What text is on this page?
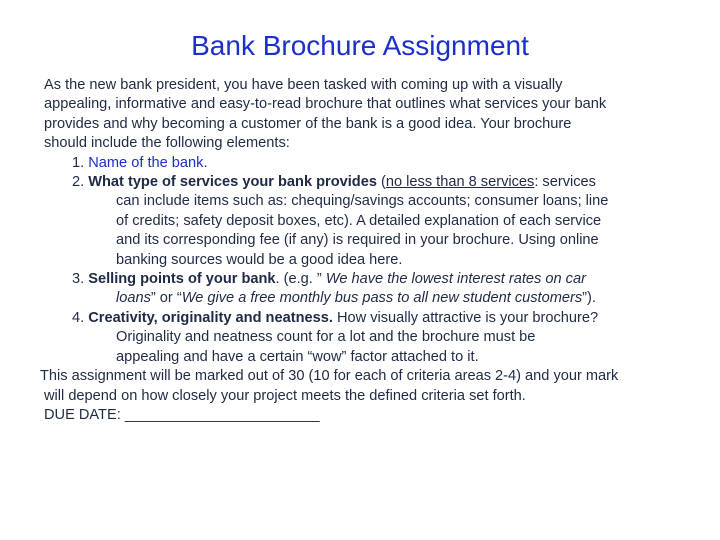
Bank Brochure Assignment

As the new bank president, you have been tasked with coming up with a visually

appealing, informative and easy-to-read brochure that outlines what services your bank

provides and why becoming a customer of the bank is a good idea. Your brochure

should include the following elements:

1. Name of the bank.

2. What type of services your bank provides (no less than 8 services: services

can include items such as: chequing/savings accounts; consumer loans; line

of credits; safety deposit boxes, etc). A detailed explanation of each service

and its corresponding fee (if any) is required in your brochure. Using online

banking sources would be a good idea here.

3. Selling points of your bank. (e.g. ” We have the lowest interest rates on car

loans” or “We give a free monthly bus pass to all new student customers”).

4. Creativity, originality and neatness. How visually attractive is your brochure?

Originality and neatness count for a lot and the brochure must be

appealing and have a certain “wow” factor attached to it.

This assignment will be marked out of 30 (10 for each of criteria areas 2-4) and your mark

will depend on how closely your project meets the defined criteria set forth.

DUE DATE: ________________________
